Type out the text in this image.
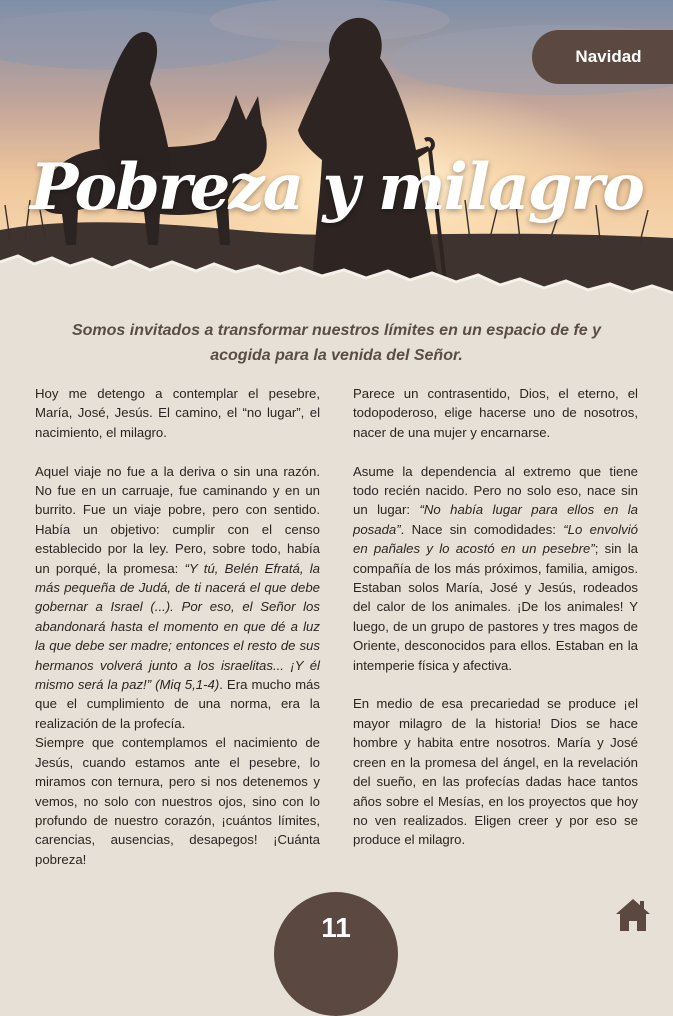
Pobreza y milagro
Navidad
Somos invitados a transformar nuestros límites en un espacio de fe y acogida para la venida del Señor.

Hoy me detengo a contemplar el pesebre, María, José, Jesús. El camino, el “no lugar”, el nacimiento, el milagro.

Aquel viaje no fue a la deriva o sin una razón. No fue en un carruaje, fue caminando y en un burrito. Fue un viaje pobre, pero con sentido. Había un objetivo: cumplir con el censo establecido por la ley. Pero, sobre todo, había un porqué, la promesa: “Y tú, Belén Efratá, la más pequeña de Judá, de ti nacerá el que debe gobernar a Israel (...). Por eso, el Señor los abandonará hasta el momento en que dé a luz la que debe ser madre; entonces el resto de sus hermanos volverá junto a los israelitas... ¡Y él mismo será la paz!” (Miq 5,1-4). Era mucho más que el cumplimiento de una norma, era la realización de la profecía.

Siempre que contemplamos el nacimiento de Jesús, cuando estamos ante el pesebre, lo miramos con ternura, pero si nos detenemos y vemos, no solo con nuestros ojos, sino con lo profundo de nuestro corazón, ¡cuántos límites, carencias, ausencias, desapegos! ¡Cuánta pobreza!

Parece un contrasentido, Dios, el eterno, el todopoderoso, elige hacerse uno de nosotros, nacer de una mujer y encarnarse.

Asume la dependencia al extremo que tiene todo recién nacido. Pero no solo eso, nace sin un lugar: “No había lugar para ellos en la posada”. Nace sin comodidades: “Lo envolvió en pañales y lo acostó en un pesebre”; sin la compañía de los más próximos, familia, amigos. Estaban solos María, José y Jesús, rodeados del calor de los animales. ¡De los animales! Y luego, de un grupo de pastores y tres magos de Oriente, desconocidos para ellos. Estaban en la intemperie física y afectiva.

En medio de esa precariedad se produce ¡el mayor milagro de la historia! Dios se hace hombre y habita entre nosotros. María y José creen en la promesa del ángel, en la revelación del sueño, en las profecías dadas hace tantos años sobre el Mesías, en los proyectos que hoy no ven realizados. Eligen creer y por eso se produce el milagro.

11
